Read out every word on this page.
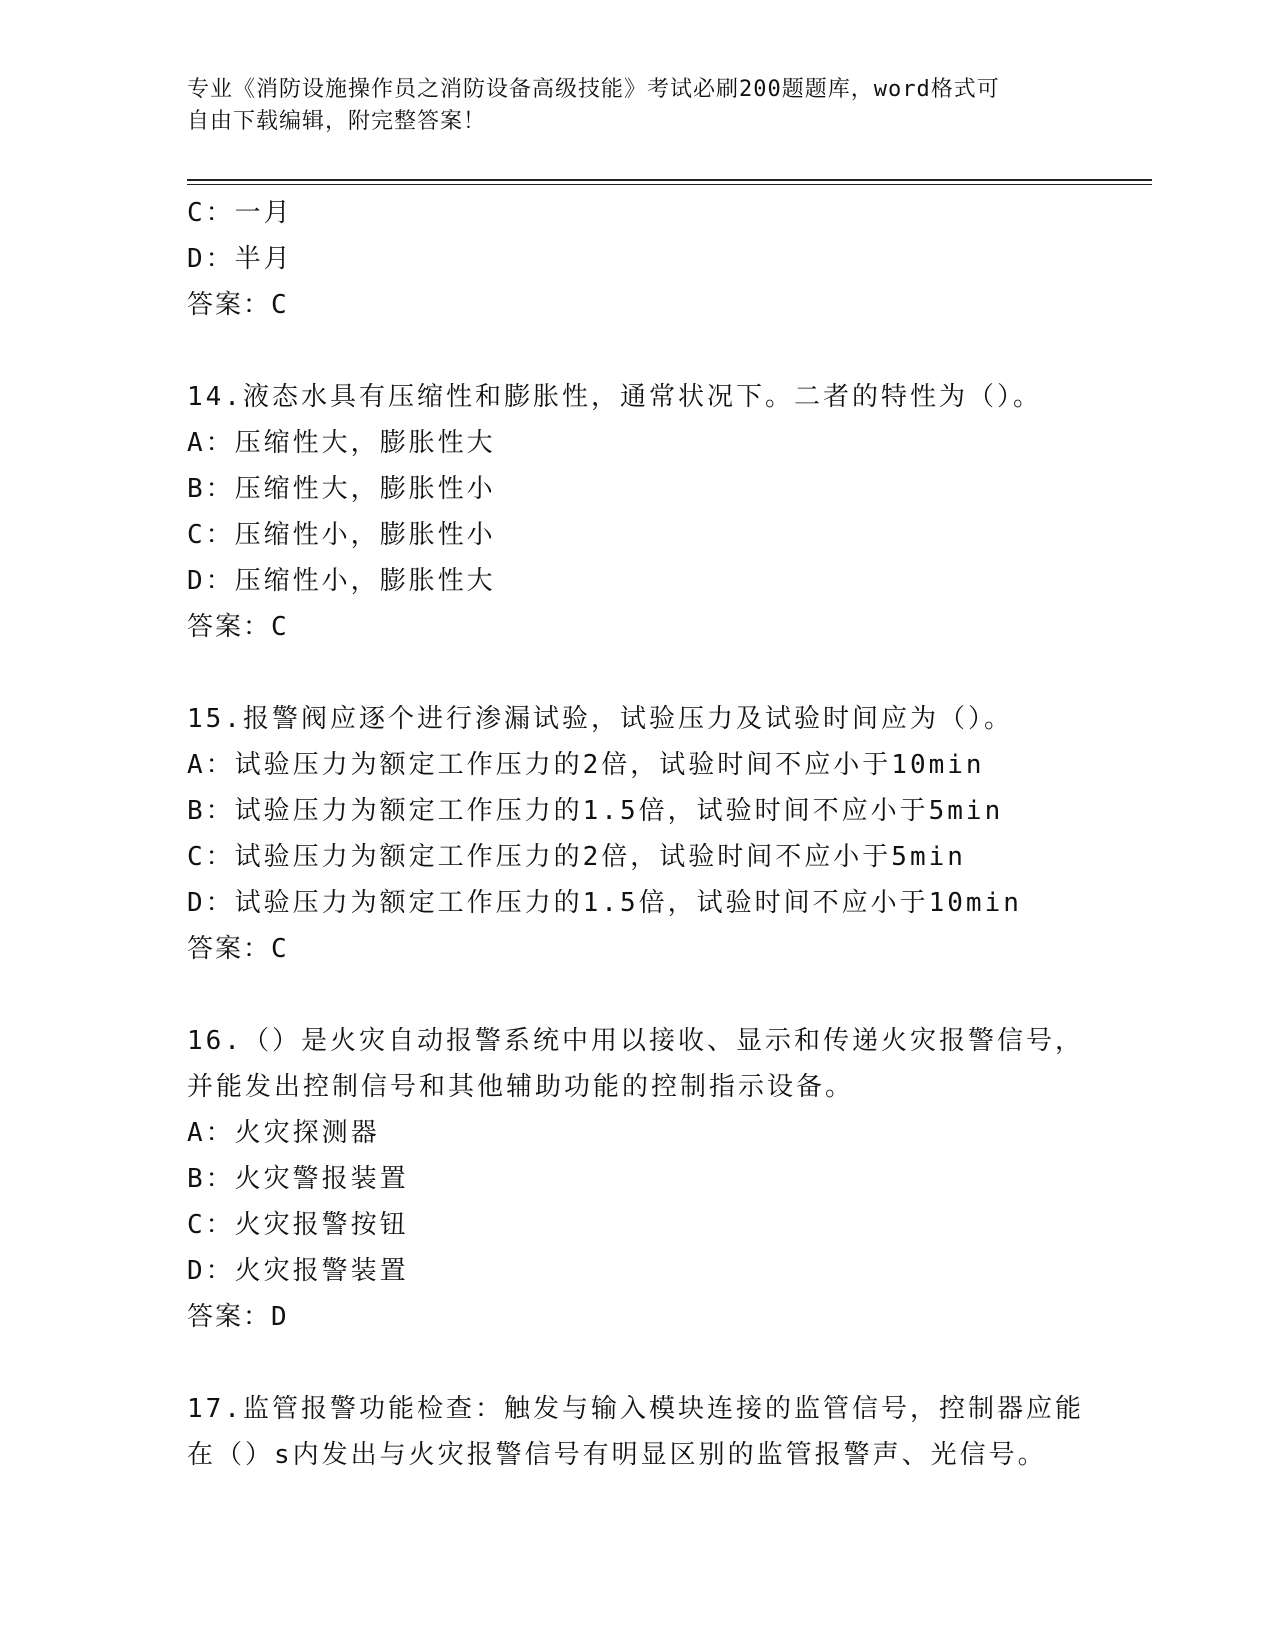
专业《消防设施操作员之消防设备高级技能》考试必刷200题题库，word格式可
自由下载编辑，附完整答案！
C：一月
D：半月
答案：C
14.液态水具有压缩性和膨胀性，通常状况下。二者的特性为（）。
A：压缩性大，膨胀性大
B：压缩性大，膨胀性小
C：压缩性小，膨胀性小
D：压缩性小，膨胀性大
答案：C
15.报警阀应逐个进行渗漏试验，试验压力及试验时间应为（）。
A：试验压力为额定工作压力的2倍，试验时间不应小于10min
B：试验压力为额定工作压力的1.5倍，试验时间不应小于5min
C：试验压力为额定工作压力的2倍，试验时间不应小于5min
D：试验压力为额定工作压力的1.5倍，试验时间不应小于10min
答案：C
16.（）是火灾自动报警系统中用以接收、显示和传递火灾报警信号，
并能发出控制信号和其他辅助功能的控制指示设备。
A：火灾探测器
B：火灾警报装置
C：火灾报警按钮
D：火灾报警装置
答案：D
17.监管报警功能检查：触发与输入模块连接的监管信号，控制器应能
在（）s内发出与火灾报警信号有明显区别的监管报警声、光信号。
